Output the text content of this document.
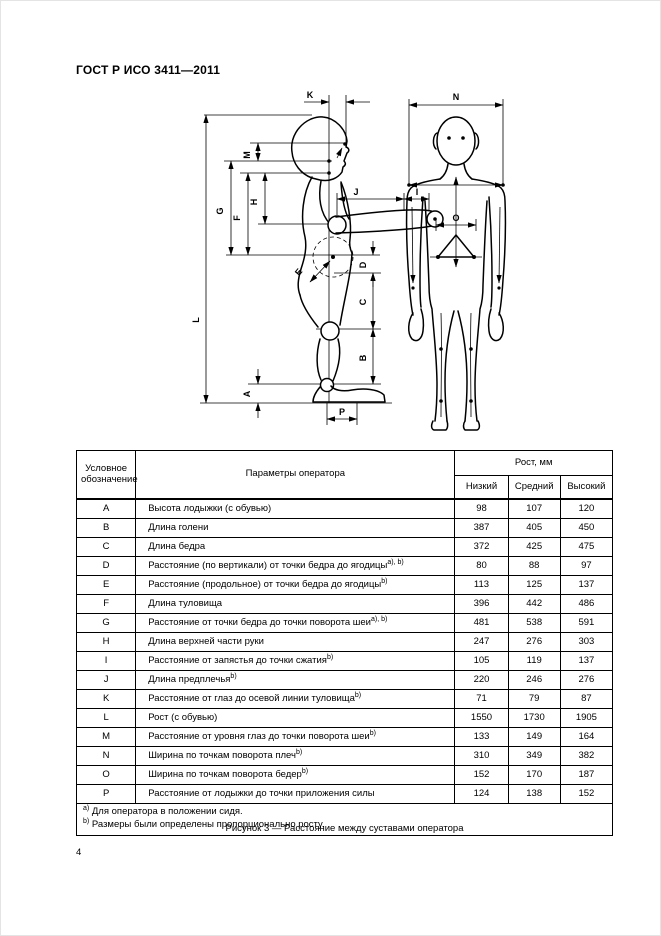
ГОСТ Р ИСО 3411—2011
K
L
M
G
F
H
J	I
D
C
B
E
A
P
N
O
Условное обозначение	Параметры оператора	Рост, мм		
		Низкий	Средний	Высокий
A	Высота лодыжки (с обувью)	98	107	120
B	Длина голени	387	405	450
C	Длина бедра	372	425	475
D	Расстояние (по вертикали) от точки бедра до ягодицы$^{a), b)}$	80	88	97
E	Расстояние (продольное) от точки бедра до ягодицы$^{b)}$	113	125	137
F	Длина туловища	396	442	486
G	Расстояние от точки бедра до точки поворота шеи$^{a), b)}$	481	538	591
H	Длина верхней части руки	247	276	303
I	Расстояние от запястья до точки сжатия$^{b)}$	105	119	137
J	Длина предплечья$^{b)}$	220	246	276
K	Расстояние от глаз до осевой линии туловища$^{b)}$	71	79	87
L	Рост (с обувью)	1550	1730	1905
M	Расстояние от уровня глаз до точки поворота шеи$^{b)}$	133	149	164
N	Ширина по точкам поворота плеч$^{b)}$	310	349	382
O	Ширина по точкам поворота бедер$^{b)}$	152	170	187
P	Расстояние от лодыжки до точки приложения силы	124	138	152

$^{a)}$ Для оператора в положении сидя.
$^{b)}$ Размеры были определены пропорционально росту.				
Рисунок 3 — Расстояние между суставами оператора
4
